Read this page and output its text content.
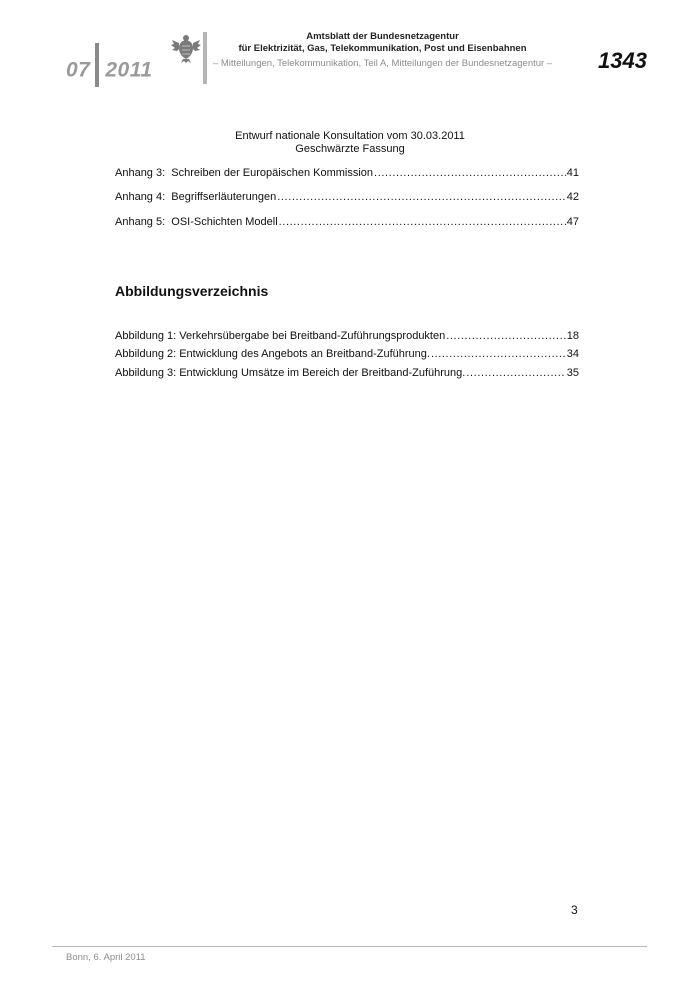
07 2011
Amtsblatt der Bundesnetzagentur
für Elektrizität, Gas, Telekommunikation, Post und Eisenbahnen
– Mitteilungen, Telekommunikation, Teil A, Mitteilungen der Bundesnetzagentur – 1343
Entwurf nationale Konsultation vom 30.03.2011
Geschwärzte Fassung
Anhang 3:  Schreiben der Europäischen Kommission .....	41
Anhang 4:  Begriffserläuterungen .....	42
Anhang 5:  OSI-Schichten Modell .....	47
Abbildungsverzeichnis
Abbildung 1: Verkehrsübergabe bei Breitband-Zuführungsprodukten .....	18
Abbildung 2: Entwicklung des Angebots an Breitband-Zuführung. .....	34
Abbildung 3: Entwicklung Umsätze im Bereich der Breitband-Zuführung. .....	35
3
Bonn, 6. April 2011
